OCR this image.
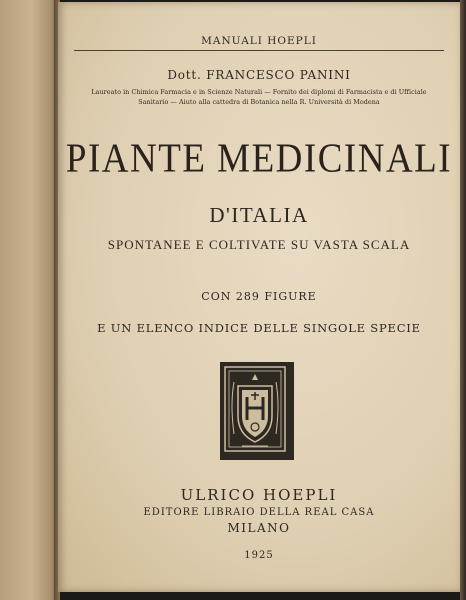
MANUALI HOEPLI
Dott. FRANCESCO PANINI
Laureato in Chimica Farmacia e in Scienze Naturali — Fornito dei diplomi di Farmacista e di Ufficiale
Sanitario — Aiuto alla cattedra di Botanica nella R. Università di Modena
PIANTE MEDICINALI
D'ITALIA
SPONTANEE E COLTIVATE SU VASTA SCALA
CON 289 FIGURE
E UN ELENCO INDICE DELLE SINGOLE SPECIE
ULRICO HOEPLI
EDITORE LIBRAIO DELLA REAL CASA
MILANO
1925
